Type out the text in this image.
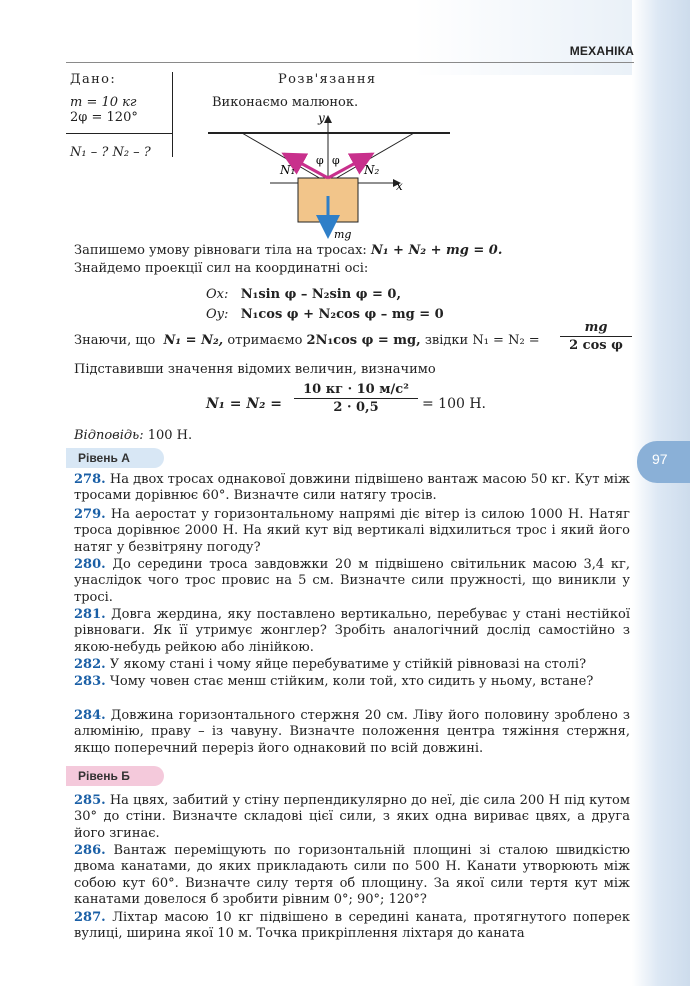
МЕХАНІКА
97
Дано:
m = 10 кг
2φ = 120°
N₁ – ? N₂ – ?
Розв'язання
Виконаємо малюнок.
y
x
N₁	N₂
φ φ
mg
Запишемо умову рівноваги тіла на тросах: N₁ + N₂ + mg = 0.
Знайдемо проекції сил на координатні осі:
Ox: N₁sin φ – N₂sin φ = 0,
Oy: N₁cos φ + N₂cos φ – mg = 0
Знаючи, що N₁ = N₂, отримаємо 2N₁cos φ = mg, звідки N₁ = N₂ =
mg
2 cos φ
Підставивши значення відомих величин, визначимо
N₁ = N₂ =
10 кг · 10 м/с²
2 · 0,5	= 100 Н.
Відповідь: 100 Н.
Рівень А
278. На двох тросах однакової довжини підвішено вантаж масою 50 кг. Кут між тросами дорівнює 60°. Визначте сили натягу тросів.
279. На аеростат у горизонтальному напрямі діє вітер із силою 1000 Н. Натяг троса дорівнює 2000 Н. На який кут від вертикалі відхилиться трос і який його натяг у безвітряну погоду?
280. До середини троса завдовжки 20 м підвішено світильник масою 3,4 кг, унаслідок чого трос провис на 5 см. Визначте сили пружності, що виникли у тросі.
281. Довга жердина, яку поставлено вертикально, перебуває у стані нестійкої рівноваги. Як її утримує жонглер? Зробіть аналогічний дослід самостійно з якою-небудь рейкою або лінійкою.
282. У якому стані і чому яйце перебуватиме у стійкій рівновазі на столі?
283. Чому човен стає менш стійким, коли той, хто сидить у ньому, встане?
284. Довжина горизонтального стержня 20 см. Ліву його половину зроблено з алюмінію, праву – із чавуну. Визначте положення центра тяжіння стержня, якщо поперечний переріз його однаковий по всій довжині.
Рівень Б
285. На цвях, забитий у стіну перпендикулярно до неї, діє сила 200 Н під кутом 30° до стіни. Визначте складові цієї сили, з яких одна вириває цвях, а друга його згинає.
286. Вантаж переміщують по горизонтальній площині зі сталою швидкістю двома канатами, до яких прикладають сили по 500 Н. Канати утворюють між собою кут 60°. Визначте силу тертя об площину. За якої сили тертя кут між канатами довелося б зробити рівним 0°; 90°; 120°?
287. Ліхтар масою 10 кг підвішено в середині каната, протягнутого поперек вулиці, ширина якої 10 м. Точка прикріплення ліхтаря до каната
